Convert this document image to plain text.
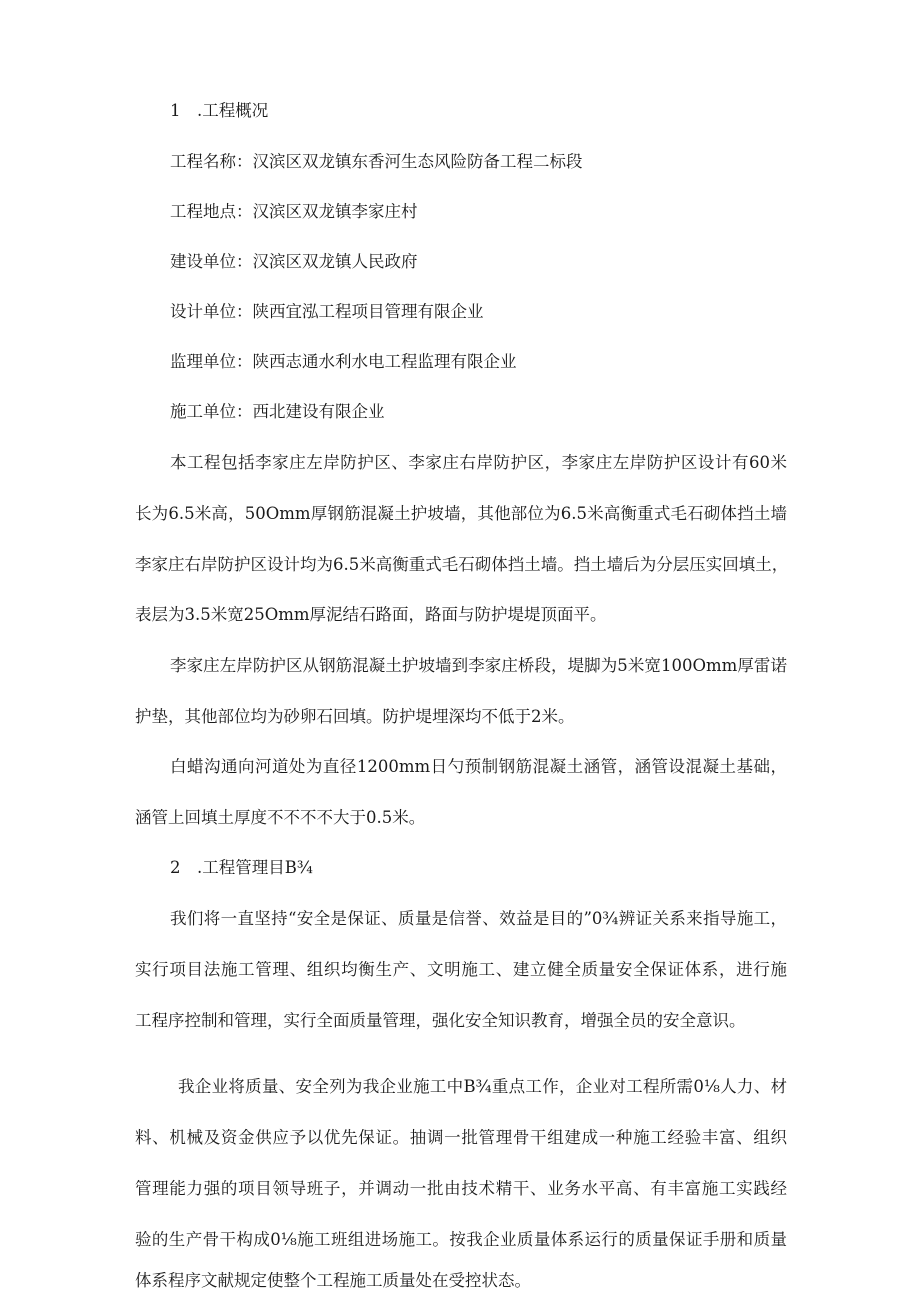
1　.工程概况
工程名称：汉滨区双龙镇东香河生态风险防备工程二标段
工程地点：汉滨区双龙镇李家庄村
建设单位：汉滨区双龙镇人民政府
设计单位：陕西宜泓工程项目管理有限企业
监理单位：陕西志通水利水电工程监理有限企业
施工单位：西北建设有限企业
本工程包括李家庄左岸防护区、李家庄右岸防护区，李家庄左岸防护区设计有60米
长为6.5米高，50Omm厚钢筋混凝土护坡墙，其他部位为6.5米高衡重式毛石砌体挡土墙
李家庄右岸防护区设计均为6.5米高衡重式毛石砌体挡土墙。挡土墙后为分层压实回填土，
表层为3.5米宽25Omm厚泥结石路面，路面与防护堤堤顶面平。
李家庄左岸防护区从钢筋混凝土护坡墙到李家庄桥段，堤脚为5米宽100Omm厚雷诺
护垫，其他部位均为砂卵石回填。防护堤埋深均不低于2米。
白蜡沟通向河道处为直径1200mm日勺预制钢筋混凝土涵管，涵管设混凝土基础，
涵管上回填土厚度不不不不大于0.5米。
2　.工程管理目B¾
我们将一直坚持“安全是保证、质量是信誉、效益是目的”0¾辨证关系来指导施工，
实行项目法施工管理、组织均衡生产、文明施工、建立健全质量安全保证体系，进行施
工程序控制和管理，实行全面质量管理，强化安全知识教育，增强全员的安全意识。
我企业将质量、安全列为我企业施工中B¾重点工作，企业对工程所需0⅛人力、材
料、机械及资金供应予以优先保证。抽调一批管理骨干组建成一种施工经验丰富、组织
管理能力强的项目领导班子，并调动一批由技术精干、业务水平高、有丰富施工实践经
验的生产骨干构成0⅛施工班组进场施工。按我企业质量体系运行的质量保证手册和质量
体系程序文献规定使整个工程施工质量处在受控状态。
